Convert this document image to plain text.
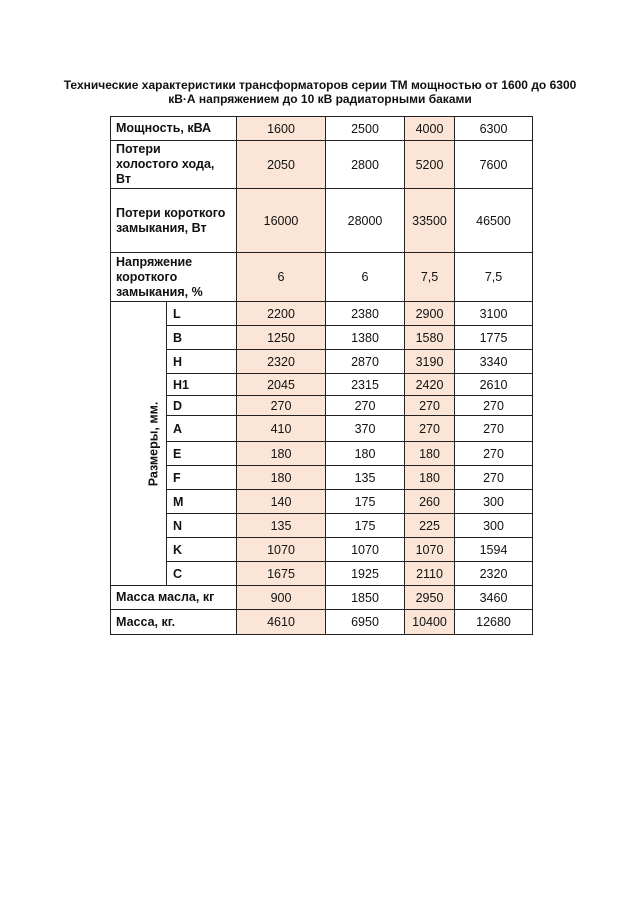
Технические характеристики трансформаторов серии ТМ мощностью от 1600 до 6300
кВ·А напряжением до 10 кВ радиаторными баками
Мощность, кВА		1600	2500	4000	6300

Потери
холостого хода,
Вт		2050	2800	5200	7600

Потери короткого
замыкания, Вт		16000	28000	33500	46500

Напряжение
короткого
замыкания, %		6	6	7,5	7,5
Размеры, мм.	L	2200	2380	2900	3100
	B	1250	1380	1580	1775
	H	2320	2870	3190	3340
	H1	2045	2315	2420	2610
	D	270	270	270	270
	A	410	370	270	270
	E	180	180	180	270
	F	180	135	180	270
	M	140	175	260	300
	N	135	175	225	300
	K	1070	1070	1070	1594
	C	1675	1925	2110	2320
Масса масла, кг		900	1850	2950	3460
Масса, кг.		4610	6950	10400	12680
